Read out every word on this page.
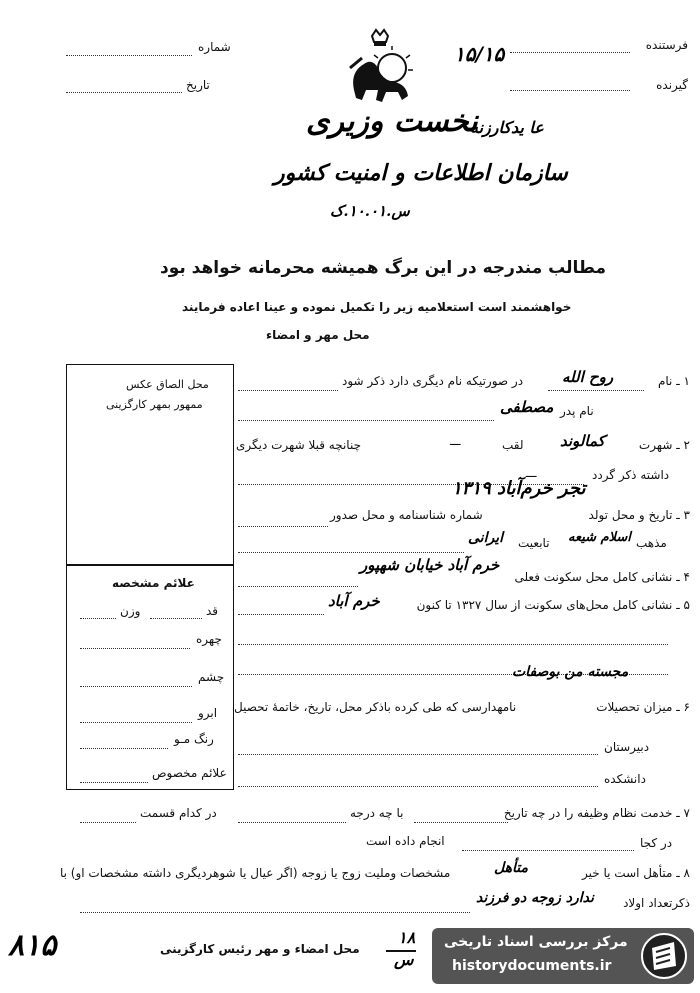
فرستنده
گیرنده
شماره
تاریخ
۱۵/۱۵
عا یدکارزنه
نخست وزیری
سازمان اطلاعات و امنیت کشور
س.۱۰.۰۱.ک
مطالب مندرجه در این برگ همیشه محرمانه خواهد بود
خواهشمند است استعلامیه زیر را تکمیل نموده و عینا اعاده فرمایند
محل مهر و امضاء
محل الصاق عکس
ممهور بمهر کارگزینی
علائم مشخصه
قد
وزن
چهره
چشم
ابرو
رنگ مـو
علائم مخصوص
۱ ـ نام
روح الله
در صورتیکه نام دیگری دارد ذکر شود
نام پدر
مصطفی
۲ ـ شهرت
کمالوند
لقب
ـــ
چنانچه قبلا شهرت دیگری
داشته ذکر گردد
ـــ
۳ ـ تاریخ و محل تولد
۱۳۱۹ تجر خرم‌آباد
شماره شناسنامه و محل صدور
مذهب
اسلام شیعه
تابعیت
ایرانی
۴ ـ نشانی کامل محل سکونت فعلی
خرم آباد خیابان شهپور
۵ ـ نشانی کامل محل‌های سکونت از سال ۱۳۲۷ تا کنون
خرم آباد
مجسته من بوصفات
۶ ـ میزان تحصیلات
نامهدارسی که طی کرده باذکر محل، تاریخ، خاتمهٔ تحصیل
دبیرستان
دانشکده
۷ ـ خدمت نظام وظیفه را در چه تاریخ
با چه درجه
در کدام قسمت
در کجا
انجام داده است
۸ ـ متأهل است یا خیر
متأهل
مشخصات وملیت زوج یا زوجه (اگر عیال یا شوهردیگری داشته مشخصات او) با
ذکرتعداد اولاد
ندارد زوجه دو فرزند
۸۱۵	محل امضاء و مهر رئیس کارگزینی
۱۸
س
مرکز بررسی اسناد تاریخی
historydocuments.ir
